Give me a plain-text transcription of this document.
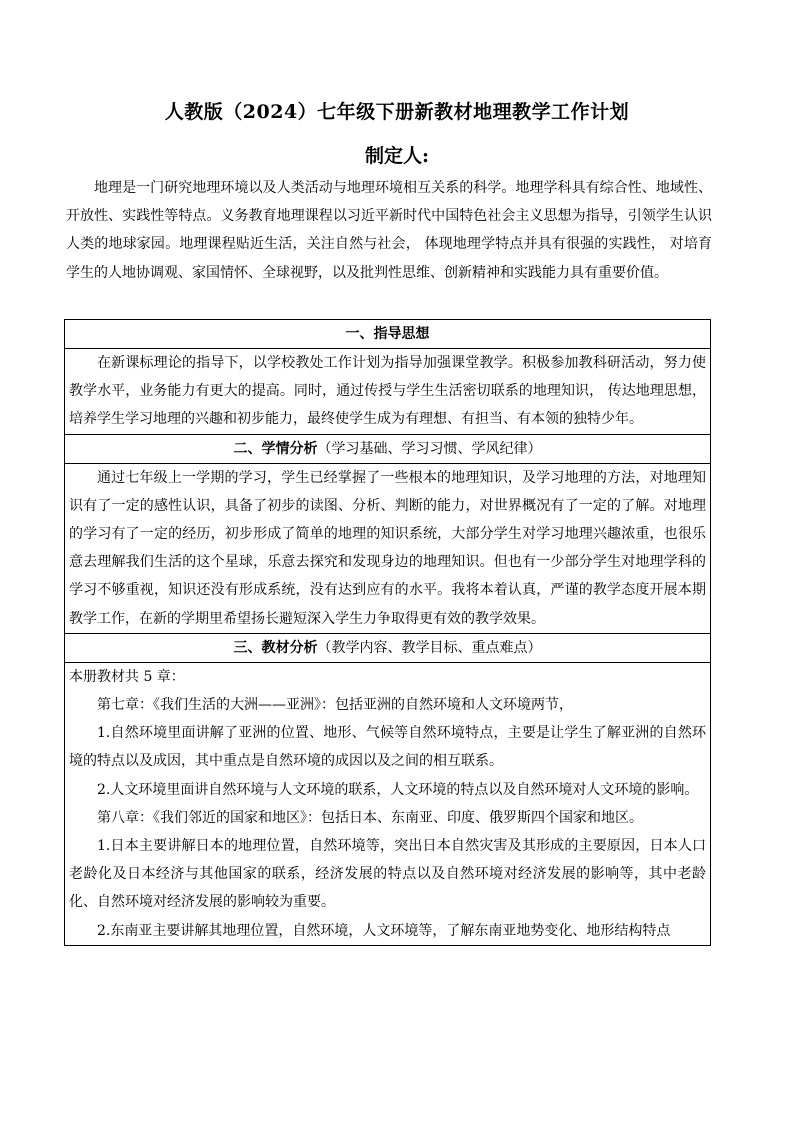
人教版（2024）七年级下册新教材地理教学工作计划
制定人:

地理是一门研究地理环境以及人类活动与地理环境相互关系的科学。地理学科具有综合性、地域性、开放性、实践性等特点。义务教育地理课程以习近平新时代中国特色社会主义思想为指导，引领学生认识人类的地球家园。地理课程贴近生活，关注自然与社会， 体现地理学特点并具有很强的实践性， 对培育学生的人地协调观、家国情怀、全球视野，以及批判性思维、创新精神和实践能力具有重要价值。

一、指导思想

在新课标理论的指导下，以学校教处工作计划为指导加强课堂教学。积极参加教科研活动，努力使教学水平，业务能力有更大的提高。同时，通过传授与学生生活密切联系的地理知识， 传达地理思想，培养学生学习地理的兴趣和初步能力，最终使学生成为有理想、有担当、有本领的独特少年。

二、学情分析（学习基础、学习习惯、学风纪律）

通过七年级上一学期的学习，学生已经掌握了一些根本的地理知识，及学习地理的方法，对地理知识有了一定的感性认识，具备了初步的读图、分析、判断的能力，对世界概况有了一定的了解。对地理的学习有了一定的经历，初步形成了简单的地理的知识系统，大部分学生对学习地理兴趣浓重，也很乐意去理解我们生活的这个星球，乐意去探究和发现身边的地理知识。但也有一少部分学生对地理学科的学习不够重视，知识还没有形成系统，没有达到应有的水平。我将本着认真，严谨的教学态度开展本期教学工作，在新的学期里希望扬长避短深入学生力争取得更有效的教学效果。

三、教材分析（教学内容、教学目标、重点难点）

本册教材共 5 章：

第七章：《我们生活的大洲——亚洲》：包括亚洲的自然环境和人文环境两节，

1.自然环境里面讲解了亚洲的位置、地形、气候等自然环境特点，主要是让学生了解亚洲的自然环境的特点以及成因，其中重点是自然环境的成因以及之间的相互联系。

2.人文环境里面讲自然环境与人文环境的联系，人文环境的特点以及自然环境对人文环境的影响。

第八章：《我们邻近的国家和地区》：包括日本、东南亚、印度、俄罗斯四个国家和地区。

1.日本主要讲解日本的地理位置，自然环境等，突出日本自然灾害及其形成的主要原因，日本人口老龄化及日本经济与其他国家的联系，经济发展的特点以及自然环境对经济发展的影响等，其中老龄化、自然环境对经济发展的影响较为重要。

2.东南亚主要讲解其地理位置，自然环境，人文环境等，了解东南亚地势变化、地形结构特点
